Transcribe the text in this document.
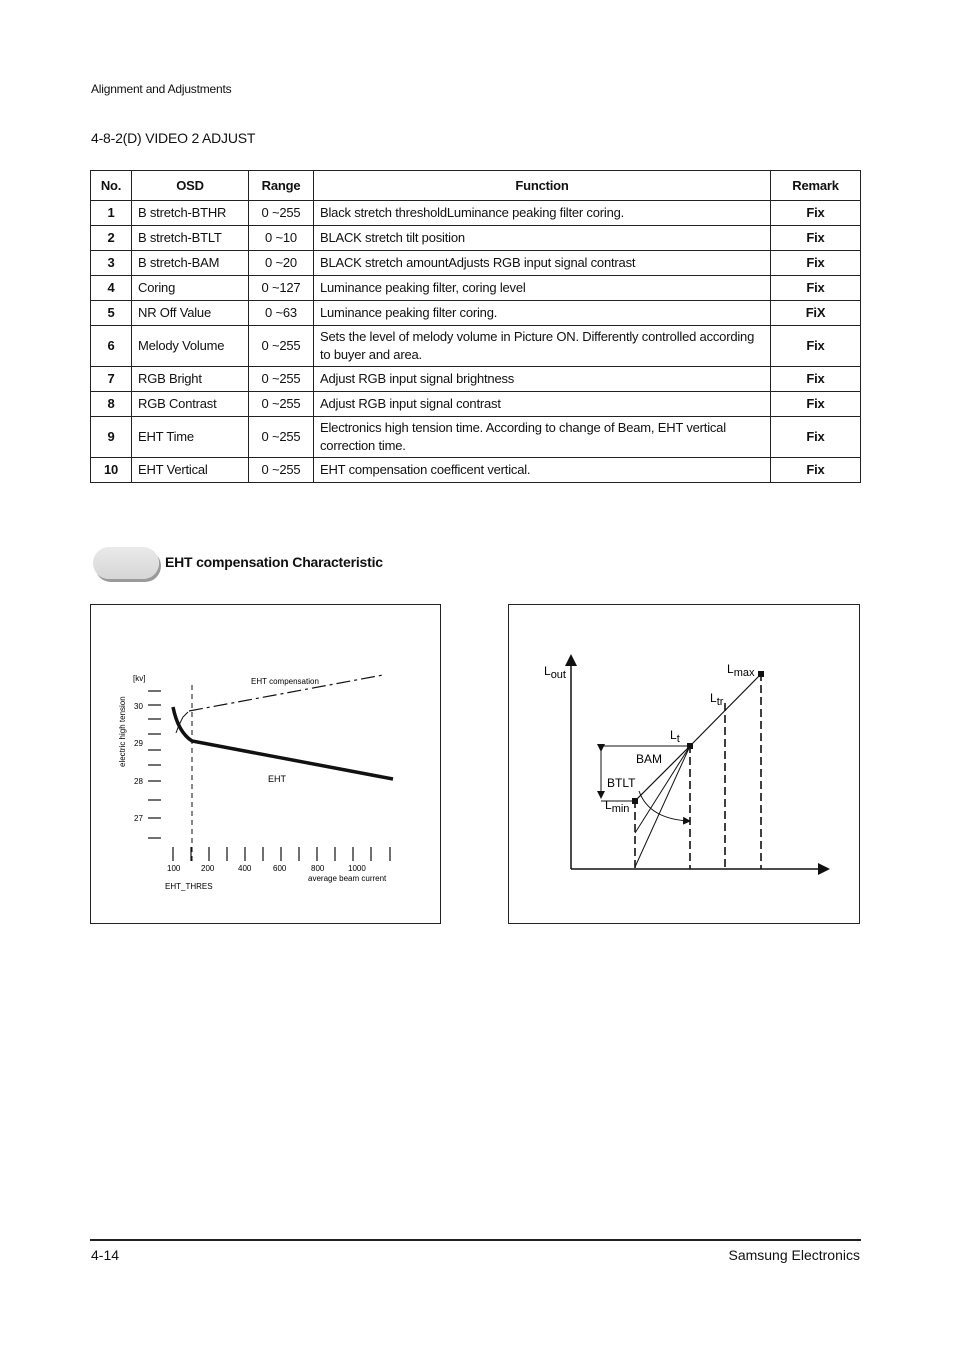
Alignment and Adjustments
4-8-2(D) VIDEO 2 ADJUST
No.	OSD	Range	Function	Remark
1	B stretch-BTHR	0 ~255	Black stretch thresholdLuminance peaking filter coring.	Fix
2	B stretch-BTLT	0 ~10	BLACK stretch tilt position	Fix
3	B stretch-BAM	0 ~20	BLACK stretch amountAdjusts RGB input signal contrast	Fix
4	Coring	0 ~127	Luminance peaking filter, coring level	Fix
5	NR Off Value	0 ~63	Luminance peaking filter coring.	FiX
6	Melody Volume	0 ~255	Sets the level of melody volume in Picture ON. Differently controlled according to buyer and area.	Fix
7	RGB Bright	0 ~255	Adjust RGB input signal brightness	Fix
8	RGB Contrast	0 ~255	Adjust RGB input signal contrast	Fix
9	EHT Time	0 ~255	Electronics high tension time. According to change of Beam, EHT vertical correction time.	Fix
10	EHT Vertical	0 ~255	EHT compensation coefficent vertical.	Fix
EHT compensation Characteristic
[kv]
electric high tension 30
29
28
27
100	200	400	600	800	1000
average beam current
EHT_THRES
EHT compensation
EHT
Lout	Lmax
Ltr
Lt
Lmin
BAM
BTLT
4-14	Samsung Electronics
